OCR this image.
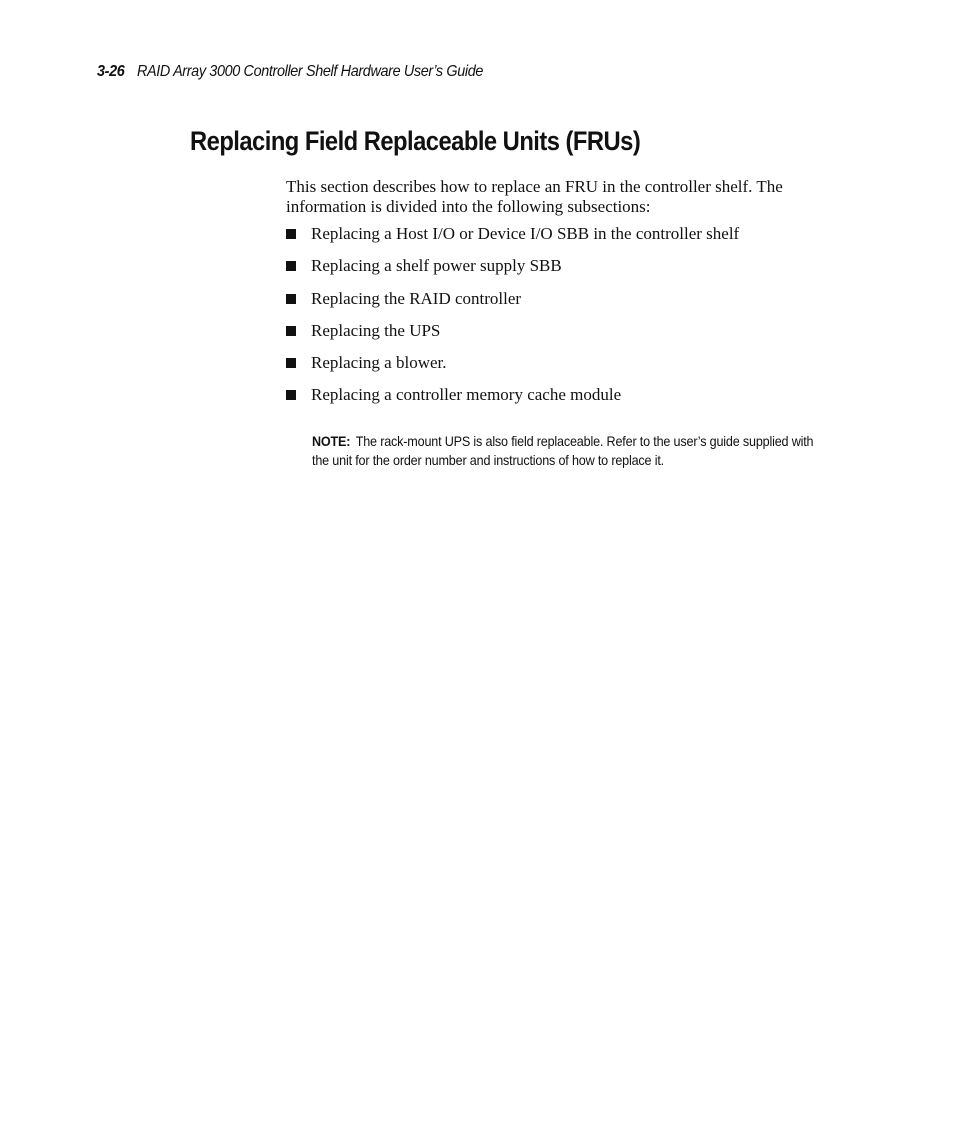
3-26 RAID Array 3000 Controller Shelf Hardware User’s Guide
Replacing Field Replaceable Units (FRUs)

This section describes how to replace an FRU in the controller shelf. The information is divided into the following subsections:

Replacing a Host I/O or Device I/O SBB in the controller shelf
Replacing a shelf power supply SBB
Replacing the RAID controller
Replacing the UPS
Replacing a blower.
Replacing a controller memory cache module

NOTE: The rack-mount UPS is also field replaceable. Refer to the user’s guide supplied with the unit for the order number and instructions of how to replace it.
